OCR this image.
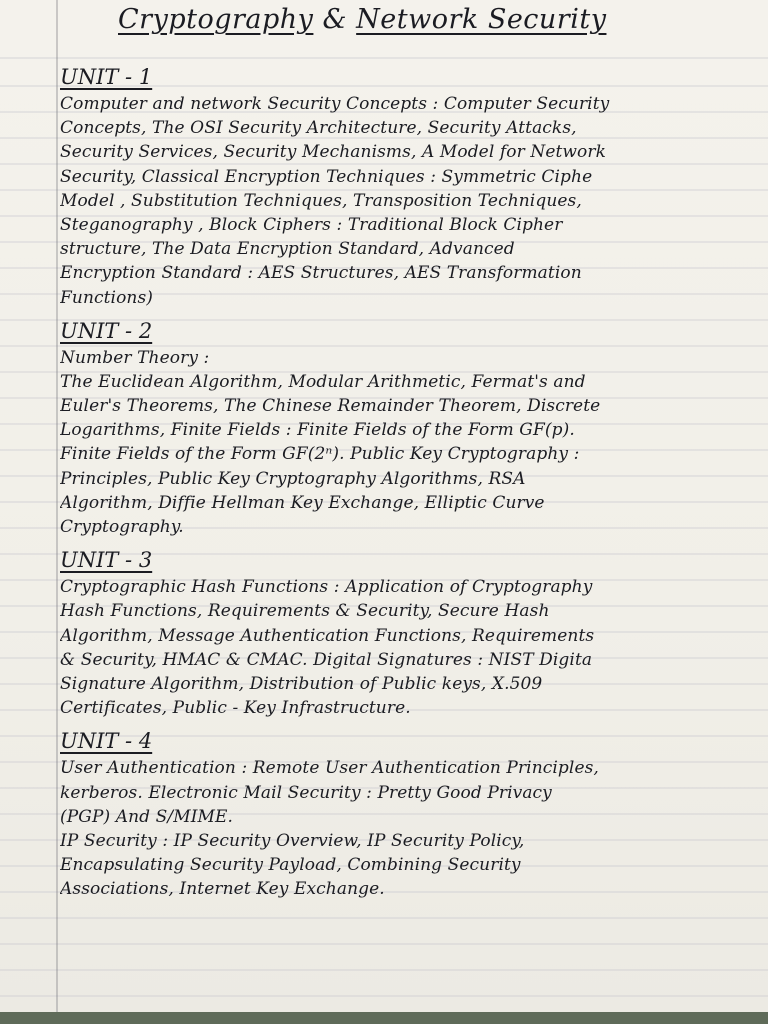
Cryptography & Network Security
UNIT - 1
Computer and network Security Concepts : Computer Security
Concepts, The OSI Security Architecture, Security Attacks,
Security Services, Security Mechanisms, A Model for Network
Security, Classical Encryption Techniques : Symmetric Ciphe
Model , Substitution Techniques, Transposition Techniques,
Steganography , Block Ciphers : Traditional Block Cipher
structure, The Data Encryption Standard, Advanced
Encryption Standard : AES Structures, AES Transformation
Functions)
UNIT - 2
Number Theory :
The Euclidean Algorithm, Modular Arithmetic, Fermat's and
Euler's Theorems, The Chinese Remainder Theorem, Discrete
Logarithms, Finite Fields : Finite Fields of the Form GF(p).
Finite Fields of the Form GF(2ⁿ). Public Key Cryptography :
Principles, Public Key Cryptography Algorithms, RSA
Algorithm, Diffie Hellman Key Exchange, Elliptic Curve
Cryptography.
UNIT - 3
Cryptographic Hash Functions : Application of Cryptography
Hash Functions, Requirements & Security, Secure Hash
Algorithm, Message Authentication Functions, Requirements
& Security, HMAC & CMAC. Digital Signatures : NIST Digita
Signature Algorithm, Distribution of Public keys, X.509
Certificates, Public - Key Infrastructure.
UNIT - 4
User Authentication : Remote User Authentication Principles,
kerberos. Electronic Mail Security : Pretty Good Privacy
(PGP) And S/MIME.
IP Security : IP Security Overview, IP Security Policy,
Encapsulating Security Payload, Combining Security
Associations, Internet Key Exchange.
